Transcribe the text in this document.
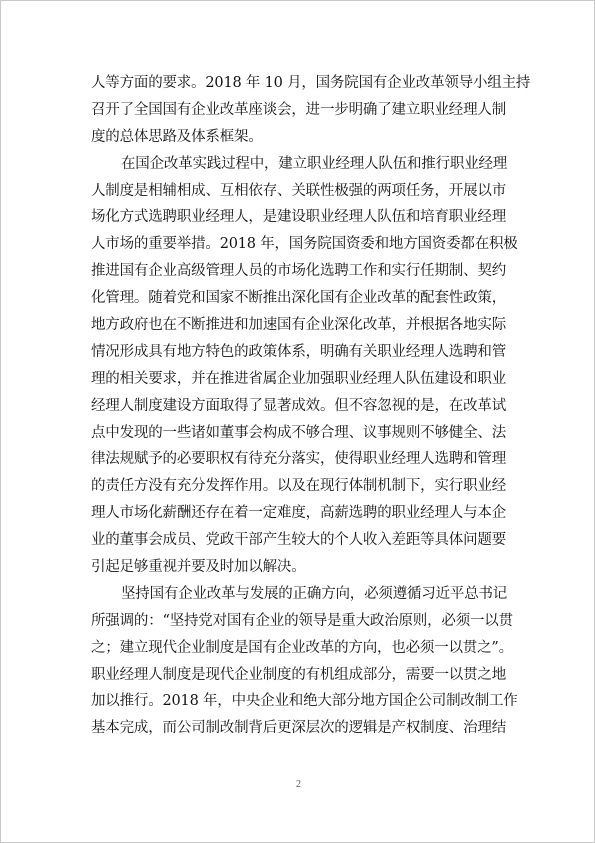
人等方面的要求。2018 年 10 月，国务院国有企业改革领导小组主持
召开了全国国有企业改革座谈会，进一步明确了建立职业经理人制
度的总体思路及体系框架。
在国企改革实践过程中，建立职业经理人队伍和推行职业经理
人制度是相辅相成、互相依存、关联性极强的两项任务，开展以市
场化方式选聘职业经理人，是建设职业经理人队伍和培育职业经理
人市场的重要举措。2018 年，国务院国资委和地方国资委都在积极
推进国有企业高级管理人员的市场化选聘工作和实行任期制、契约
化管理。随着党和国家不断推出深化国有企业改革的配套性政策，
地方政府也在不断推进和加速国有企业深化改革，并根据各地实际
情况形成具有地方特色的政策体系，明确有关职业经理人选聘和管
理的相关要求，并在推进省属企业加强职业经理人队伍建设和职业
经理人制度建设方面取得了显著成效。但不容忽视的是，在改革试
点中发现的一些诸如董事会构成不够合理、议事规则不够健全、法
律法规赋予的必要职权有待充分落实，使得职业经理人选聘和管理
的责任方没有充分发挥作用。以及在现行体制机制下，实行职业经
理人市场化薪酬还存在着一定难度，高薪选聘的职业经理人与本企
业的董事会成员、党政干部产生较大的个人收入差距等具体问题要
引起足够重视并要及时加以解决。
坚持国有企业改革与发展的正确方向，必须遵循习近平总书记
所强调的：“坚持党对国有企业的领导是重大政治原则，必须一以贯
之；建立现代企业制度是国有企业改革的方向，也必须一以贯之”。
职业经理人制度是现代企业制度的有机组成部分，需要一以贯之地
加以推行。2018 年，中央企业和绝大部分地方国企公司制改制工作
基本完成，而公司制改制背后更深层次的逻辑是产权制度、治理结
2
